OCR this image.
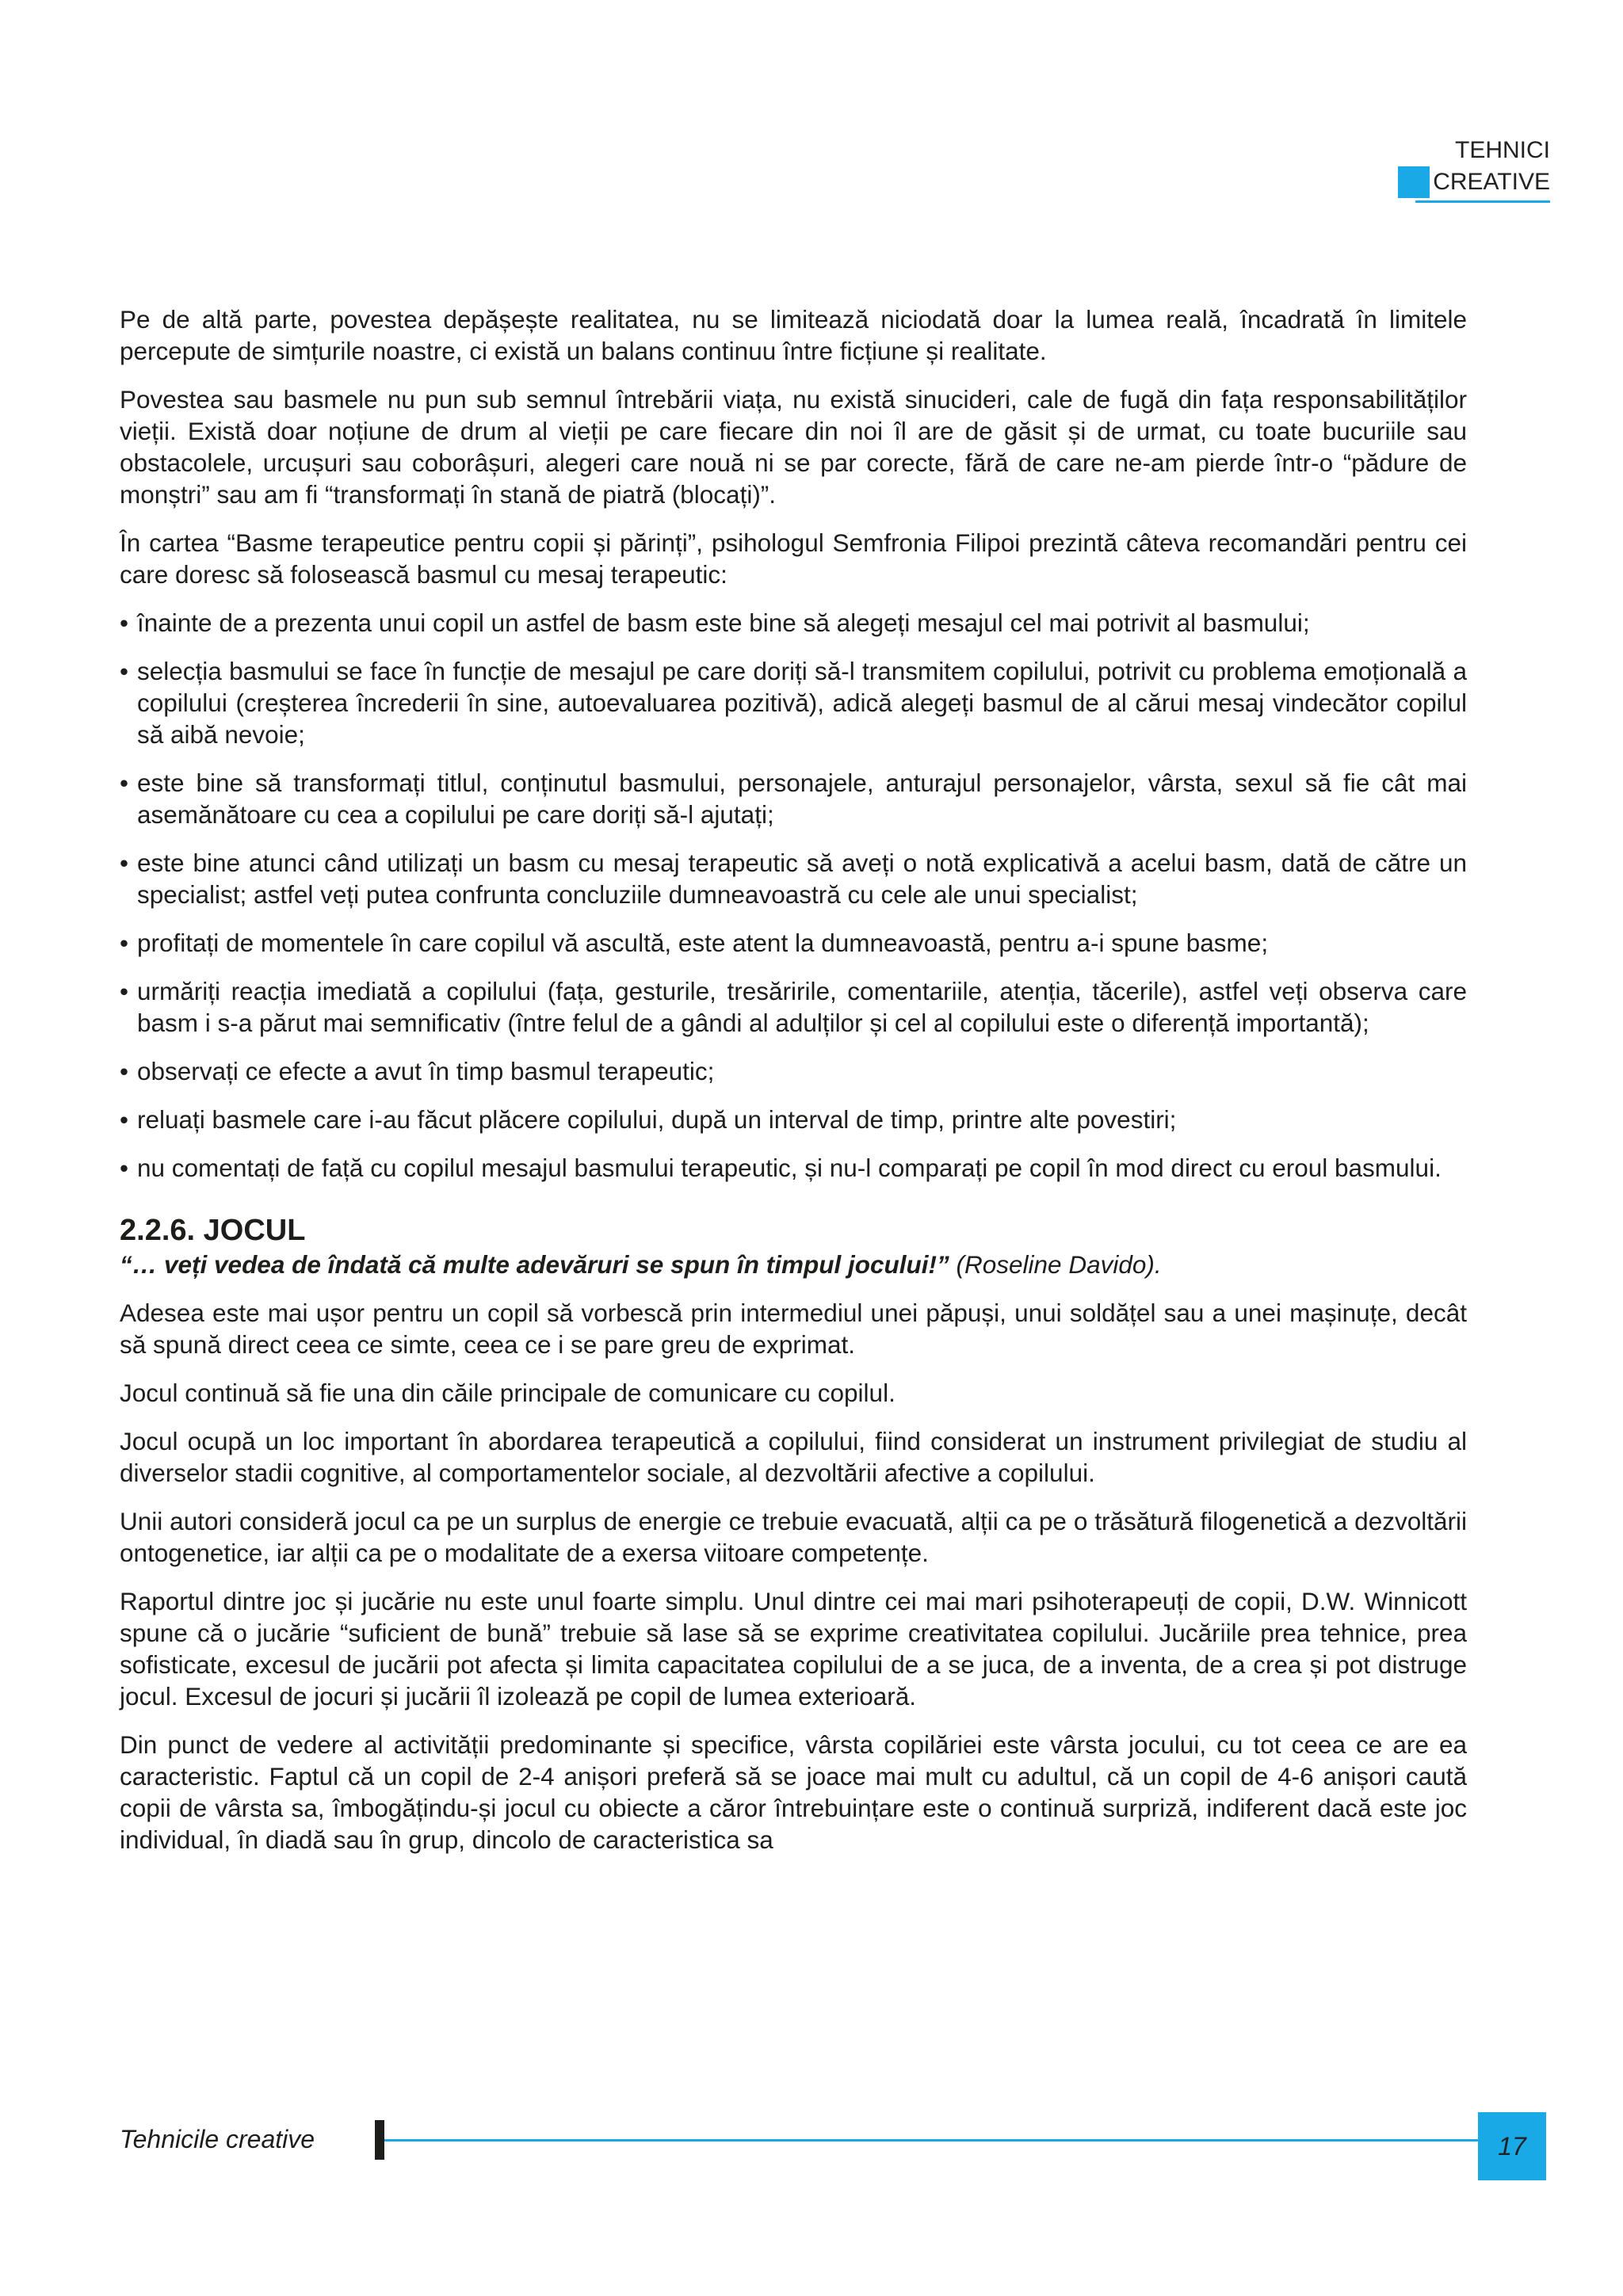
TEHNICI
CREATIVE

Pe de altă parte, povestea depășește realitatea, nu se limitează niciodată doar la lumea reală, încadrată în limitele percepute de simțurile noastre, ci există un balans continuu între ficțiune și realitate.

Povestea sau basmele nu pun sub semnul întrebării viața, nu există sinucideri, cale de fugă din fața responsabilităților vieții. Există doar noțiune de drum al vieții pe care fiecare din noi îl are de găsit și de urmat, cu toate bucuriile sau obstacolele, urcușuri sau coborâșuri, alegeri care nouă ni se par corecte, fără de care ne-am pierde într-o “pădure de monștri” sau am fi “transformați în stană de piatră (blocați)”.

În cartea “Basme terapeutice pentru copii și părinți”, psihologul Semfronia Filipoi prezintă câteva recomandări pentru cei care doresc să folosească basmul cu mesaj terapeutic:

• înainte de a prezenta unui copil un astfel de basm este bine să alegeți mesajul cel mai potrivit al basmului;
• selecția basmului se face în funcție de mesajul pe care doriți să-l transmitem copilului, potrivit cu problema emoțională a copilului (creșterea încrederii în sine, autoevaluarea pozitivă), adică alegeți basmul de al cărui mesaj vindecător copilul să aibă nevoie;
• este bine să transformați titlul, conținutul basmului, personajele, anturajul personajelor, vârsta, sexul să fie cât mai asemănătoare cu cea a copilului pe care doriți să-l ajutați;
• este bine atunci când utilizați un basm cu mesaj terapeutic să aveți o notă explicativă a acelui basm, dată de către un specialist; astfel veți putea confrunta concluziile dumneavoastră cu cele ale unui specialist;
• profitați de momentele în care copilul vă ascultă, este atent la dumneavoastă, pentru a-i spune basme;
• urmăriți reacția imediată a copilului (fața, gesturile, tresăririle, comentariile, atenția, tăcerile), astfel veți observa care basm i s-a părut mai semnificativ (între felul de a gândi al adulților și cel al copilului este o diferență importantă);
• observați ce efecte a avut în timp basmul terapeutic;
• reluați basmele care i-au făcut plăcere copilului, după un interval de timp, printre alte povestiri;
• nu comentați de față cu copilul mesajul basmului terapeutic, și nu-l comparați pe copil în mod direct cu eroul basmului.
2.2.6. JOCUL

“… veți vedea de îndată că multe adevăruri se spun în timpul jocului!” (Roseline Davido).

Adesea este mai ușor pentru un copil să vorbescă prin intermediul unei păpuși, unui soldățel sau a unei mașinuțe, decât să spună direct ceea ce simte, ceea ce i se pare greu de exprimat.

Jocul continuă să fie una din căile principale de comunicare cu copilul.

Jocul ocupă un loc important în abordarea terapeutică a copilului, fiind considerat un instrument privilegiat de studiu al diverselor stadii cognitive, al comportamentelor sociale, al dezvoltării afective a copilului.

Unii autori consideră jocul ca pe un surplus de energie ce trebuie evacuată, alții ca pe o trăsătură filogenetică a dezvoltării ontogenetice, iar alții ca pe o modalitate de a exersa viitoare competențe.

Raportul dintre joc și jucărie nu este unul foarte simplu. Unul dintre cei mai mari psihoterapeuți de copii, D.W. Winnicott spune că o jucărie “suficient de bună” trebuie să lase să se exprime creativitatea copilului. Jucăriile prea tehnice, prea sofisticate, excesul de jucării pot afecta și limita capacitatea copilului de a se juca, de a inventa, de a crea și pot distruge jocul. Excesul de jocuri și jucării îl izolează pe copil de lumea exterioară.

Din punct de vedere al activității predominante și specifice, vârsta copilăriei este vârsta jocului, cu tot ceea ce are ea caracteristic. Faptul că un copil de 2-4 anișori preferă să se joace mai mult cu adultul, că un copil de 4-6 anișori caută copii de vârsta sa, îmbogățindu-și jocul cu obiecte a căror întrebuințare este o continuă surpriză, indiferent dacă este joc individual, în diadă sau în grup, dincolo de caracteristica sa

Tehnicile creative	17
